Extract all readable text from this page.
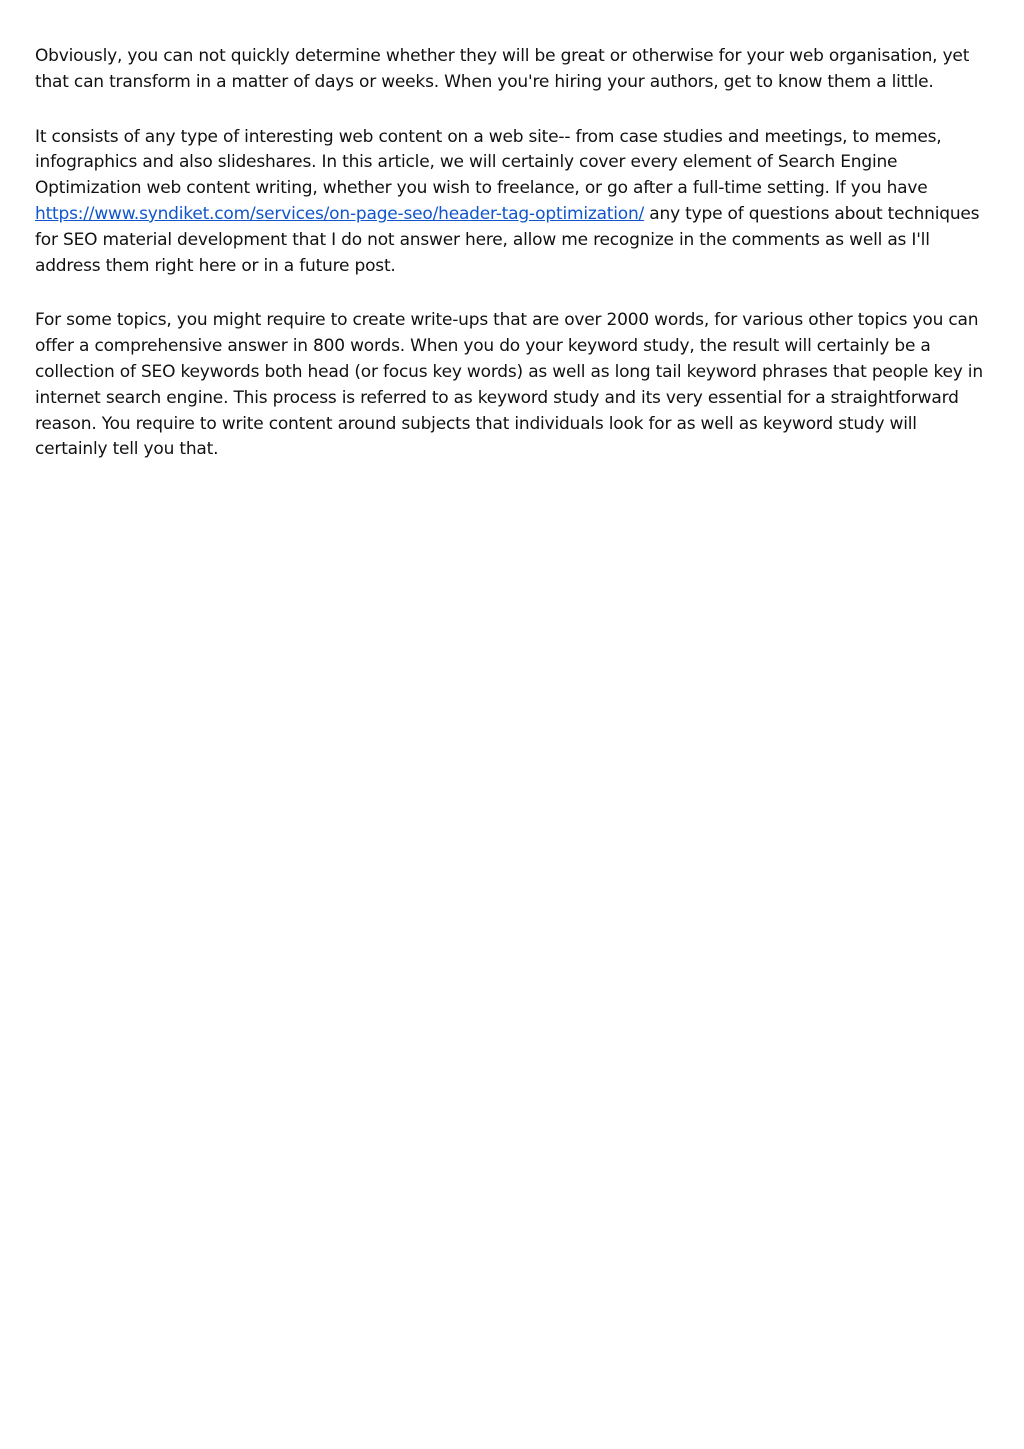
Obviously, you can not quickly determine whether they will be great or otherwise for your web organisation, yet that can transform in a matter of days or weeks. When you're hiring your authors, get to know them a little.

It consists of any type of interesting web content on a web site-- from case studies and meetings, to memes, infographics and also slideshares. In this article, we will certainly cover every element of Search Engine Optimization web content writing, whether you wish to freelance, or go after a full-time setting. If you have https://www.syndiket.com/services/on-page-seo/header-tag-optimization/ any type of questions about techniques for SEO material development that I do not answer here, allow me recognize in the comments as well as I'll address them right here or in a future post.

For some topics, you might require to create write-ups that are over 2000 words, for various other topics you can offer a comprehensive answer in 800 words. When you do your keyword study, the result will certainly be a collection of SEO keywords both head (or focus key words) as well as long tail keyword phrases that people key in internet search engine. This process is referred to as keyword study and its very essential for a straightforward reason. You require to write content around subjects that individuals look for as well as keyword study will certainly tell you that.
